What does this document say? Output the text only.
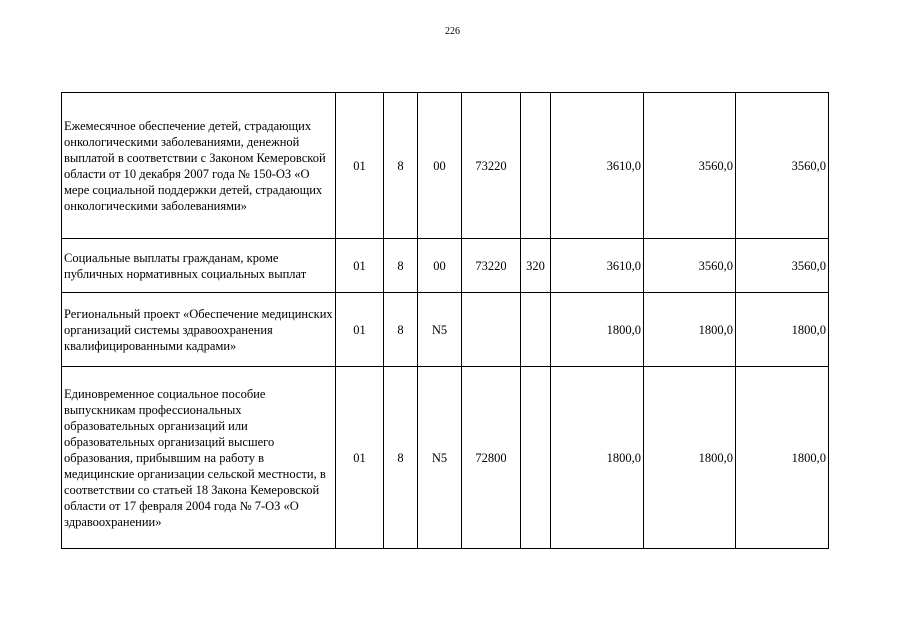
226
Ежемесячное обеспечение детей, страдающих онкологическими заболеваниями, денежной выплатой в соответствии с Законом Кемеровской области от 10 декабря 2007 года № 150-ОЗ «О мере социальной поддержки детей, страдающих онкологическими заболеваниями»	01	8	00	73220		3610,0	3560,0	3560,0
Социальные выплаты гражданам, кроме публичных нормативных социальных выплат	01	8	00	73220	320	3610,0	3560,0	3560,0
Региональный проект «Обеспечение медицинских организаций системы здравоохранения квалифицированными кадрами»	01	8	N5			1800,0	1800,0	1800,0
Единовременное социальное пособие выпускникам профессиональных образовательных организаций или образовательных организаций высшего образования, прибывшим на работу в медицинские организации сельской местности, в соответствии со статьей 18 Закона Кемеровской области от 17 февраля 2004 года № 7-ОЗ «О здравоохранении»	01	8	N5	72800		1800,0	1800,0	1800,0
